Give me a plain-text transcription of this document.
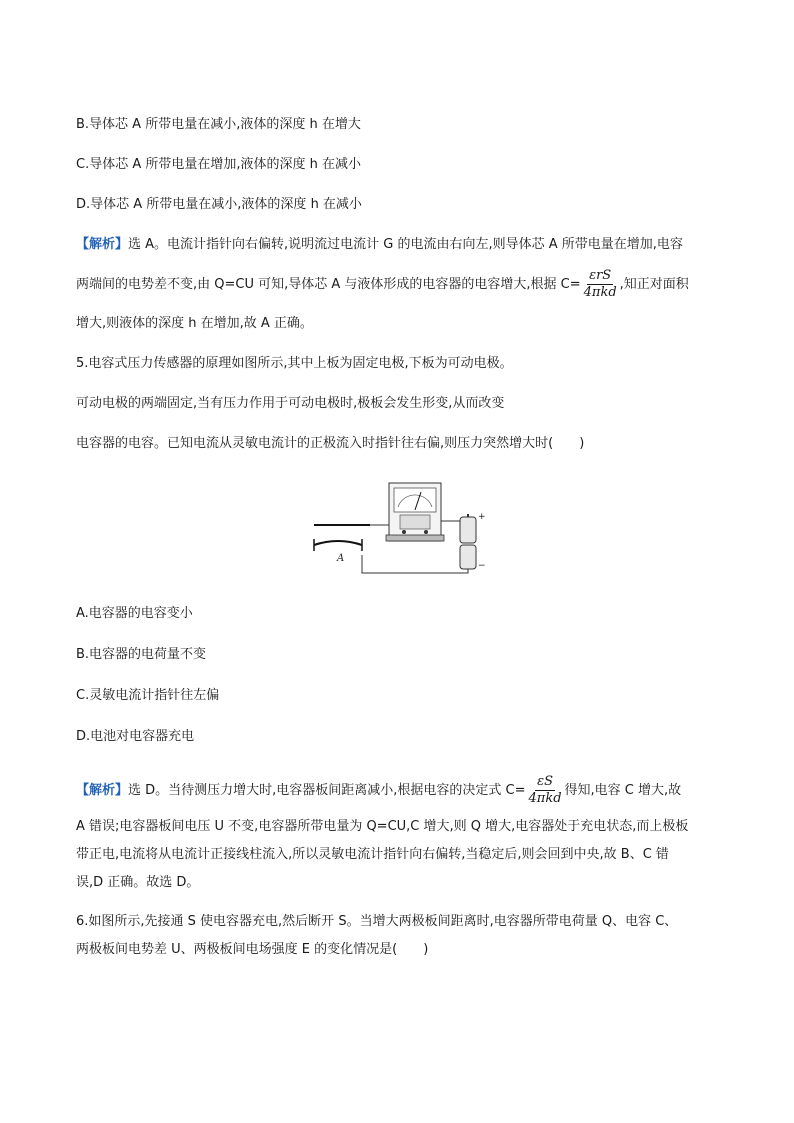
B.导体芯 A 所带电量在减小,液体的深度 h 在增大
C.导体芯 A 所带电量在增加,液体的深度 h 在减小
D.导体芯 A 所带电量在减小,液体的深度 h 在减小
【解析】选 A。电流计指针向右偏转,说明流过电流计 G 的电流由右向左,则导体芯 A 所带电量在增加,电容
两端间的电势差不变,由 Q=CU 可知,导体芯 A 与液体形成的电容器的电容增大,根据 $C= \frac{\text{εrS}}{\text{4πkd}}$ ,知正对面积
增大,则液体的深度 h 在增加,故 A 正确。
5.电容式压力传感器的原理如图所示,其中上板为固定电极,下板为可动电极。
可动电极的两端固定,当有压力作用于可动电极时,极板会发生形变,从而改变
电容器的电容。已知电流从灵敏电流计的正极流入时指针往右偏,则压力突然增大时(　　)
+
−
A
A.电容器的电容变小
B.电容器的电荷量不变
C.灵敏电流计指针往左偏
D.电池对电容器充电
【解析】选 D。当待测压力增大时,电容器板间距离减小,根据电容的决定式 $C= \frac{\varepsilon S}{\text{4πkd}}$ 得知,电容 C 增大,故
A 错误;电容器板间电压 U 不变,电容器所带电量为 Q=CU,C 增大,则 Q 增大,电容器处于充电状态,而上极板
带正电,电流将从电流计正接线柱流入,所以灵敏电流计指针向右偏转,当稳定后,则会回到中央,故 B、C 错
误,D 正确。故选 D。
6.如图所示,先接通 S 使电容器充电,然后断开 S。当增大两极板间距离时,电容器所带电荷量 Q、电容 C、
两极板间电势差 U、两极板间电场强度 E 的变化情况是(　　)
